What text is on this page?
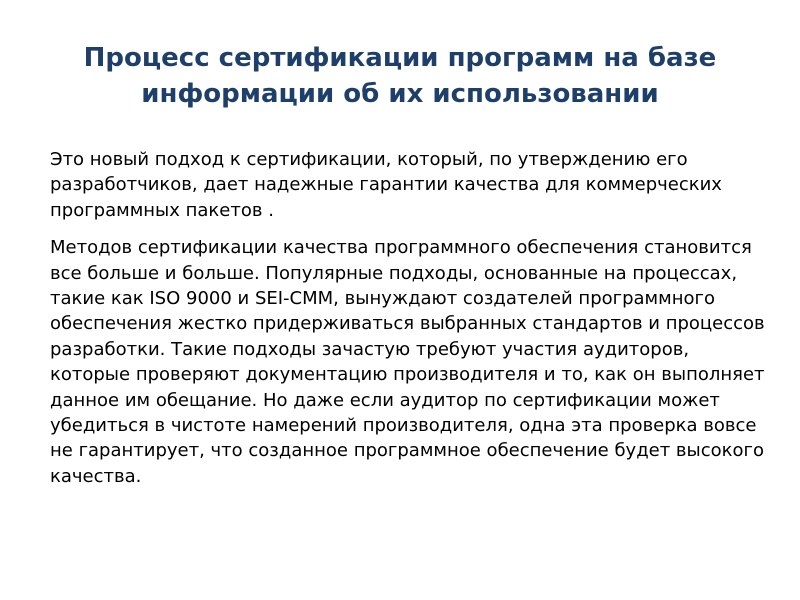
Процесс сертификации программ на базе информации об их использовании

Это новый подход к сертификации, который, по утверждению его разработчиков, дает надежные гарантии качества для коммерческих программных пакетов .

Методов сертификации качества программного обеспечения становится все больше и больше. Популярные подходы, основанные на процессах, такие как ISO 9000 и SEI-CMM, вынуждают создателей программного обеспечения жестко придерживаться выбранных стандартов и процессов разработки. Такие подходы зачастую требуют участия аудиторов, которые проверяют документацию производителя и то, как он выполняет данное им обещание. Но даже если аудитор по сертификации может убедиться в чистоте намерений производителя, одна эта проверка вовсе не гарантирует, что созданное программное обеспечение будет высокого качества.
